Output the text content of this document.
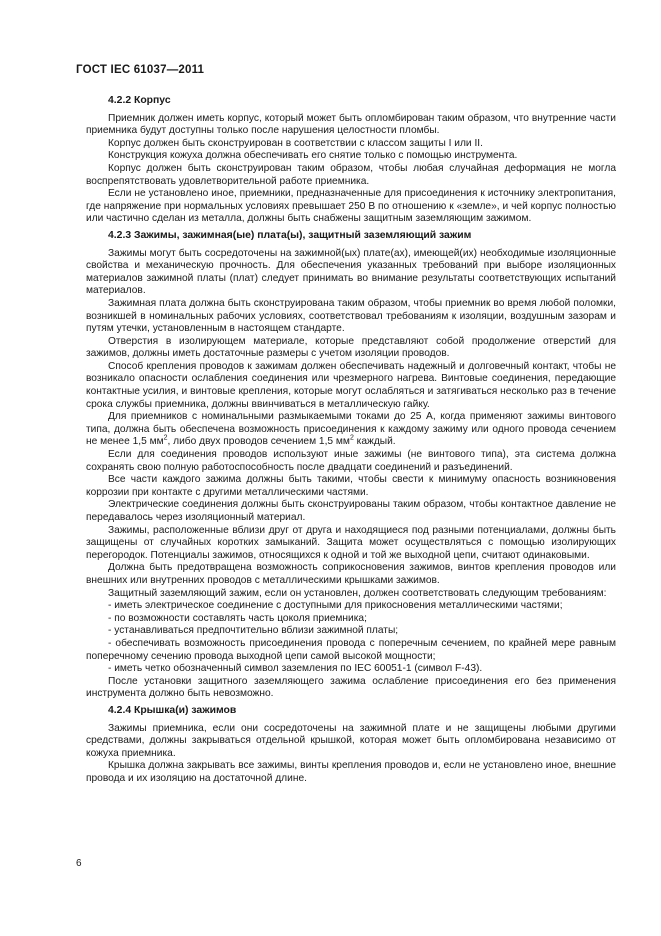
ГОСТ IEC 61037—2011
4.2.2 Корпус

Приемник должен иметь корпус, который может быть опломбирован таким образом, что внутренние части приемника будут доступны только после нарушения целостности пломбы.

Корпус должен быть сконструирован в соответствии с классом защиты I или II.

Конструкция кожуха должна обеспечивать его снятие только с помощью инструмента.

Корпус должен быть сконструирован таким образом, чтобы любая случайная деформация не могла воспрепятствовать удовлетворительной работе приемника.

Если не установлено иное, приемники, предназначенные для присоединения к источнику электропитания, где напряжение при нормальных условиях превышает 250 В по отношению к «земле», и чей корпус полностью или частично сделан из металла, должны быть снабжены защитным заземляющим зажимом.

4.2.3 Зажимы, зажимная(ые) плата(ы), защитный заземляющий зажим

Зажимы могут быть сосредоточены на зажимной(ых) плате(ах), имеющей(их) необходимые изоляционные свойства и механическую прочность. Для обеспечения указанных требований при выборе изоляционных материалов зажимной платы (плат) следует принимать во внимание результаты соответствующих испытаний материалов.

Зажимная плата должна быть сконструирована таким образом, чтобы приемник во время любой поломки, возникшей в номинальных рабочих условиях, соответствовал требованиям к изоляции, воздушным зазорам и путям утечки, установленным в настоящем стандарте.

Отверстия в изолирующем материале, которые представляют собой продолжение отверстий для зажимов, должны иметь достаточные размеры с учетом изоляции проводов.

Способ крепления проводов к зажимам должен обеспечивать надежный и долговечный контакт, чтобы не возникало опасности ослабления соединения или чрезмерного нагрева. Винтовые соединения, передающие контактные усилия, и винтовые крепления, которые могут ослабляться и затягиваться несколько раз в течение срока службы приемника, должны ввинчиваться в металлическую гайку.

Для приемников с номинальными размыкаемыми токами до 25 А, когда применяют зажимы винтового типа, должна быть обеспечена возможность присоединения к каждому зажиму или одного провода сечением не менее 1,5 $мм^2$, либо двух проводов сечением 1,5 $мм^2$ каждый.

Если для соединения проводов используют иные зажимы (не винтового типа), эта система должна сохранять свою полную работоспособность после двадцати соединений и разъединений.

Все части каждого зажима должны быть такими, чтобы свести к минимуму опасность возникновения коррозии при контакте с другими металлическими частями.

Электрические соединения должны быть сконструированы таким образом, чтобы контактное давление не передавалось через изоляционный материал.

Зажимы, расположенные вблизи друг от друга и находящиеся под разными потенциалами, должны быть защищены от случайных коротких замыканий. Защита может осуществляться с помощью изолирующих перегородок. Потенциалы зажимов, относящихся к одной и той же выходной цепи, считают одинаковыми.

Должна быть предотвращена возможность соприкосновения зажимов, винтов крепления проводов или внешних или внутренних проводов с металлическими крышками зажимов.

Защитный заземляющий зажим, если он установлен, должен соответствовать следующим требованиям:

- иметь электрическое соединение с доступными для прикосновения металлическими частями;

- по возможности составлять часть цоколя приемника;

- устанавливаться предпочтительно вблизи зажимной платы;

- обеспечивать возможность присоединения провода с поперечным сечением, по крайней мере равным поперечному сечению провода выходной цепи самой высокой мощности;

- иметь четко обозначенный символ заземления по IEC 60051-1 (символ F-43).

После установки защитного заземляющего зажима ослабление присоединения его без применения инструмента должно быть невозможно.

4.2.4 Крышка(и) зажимов

Зажимы приемника, если они сосредоточены на зажимной плате и не защищены любыми другими средствами, должны закрываться отдельной крышкой, которая может быть опломбирована независимо от кожуха приемника.

Крышка должна закрывать все зажимы, винты крепления проводов и, если не установлено иное, внешние провода и их изоляцию на достаточной длине.

6
